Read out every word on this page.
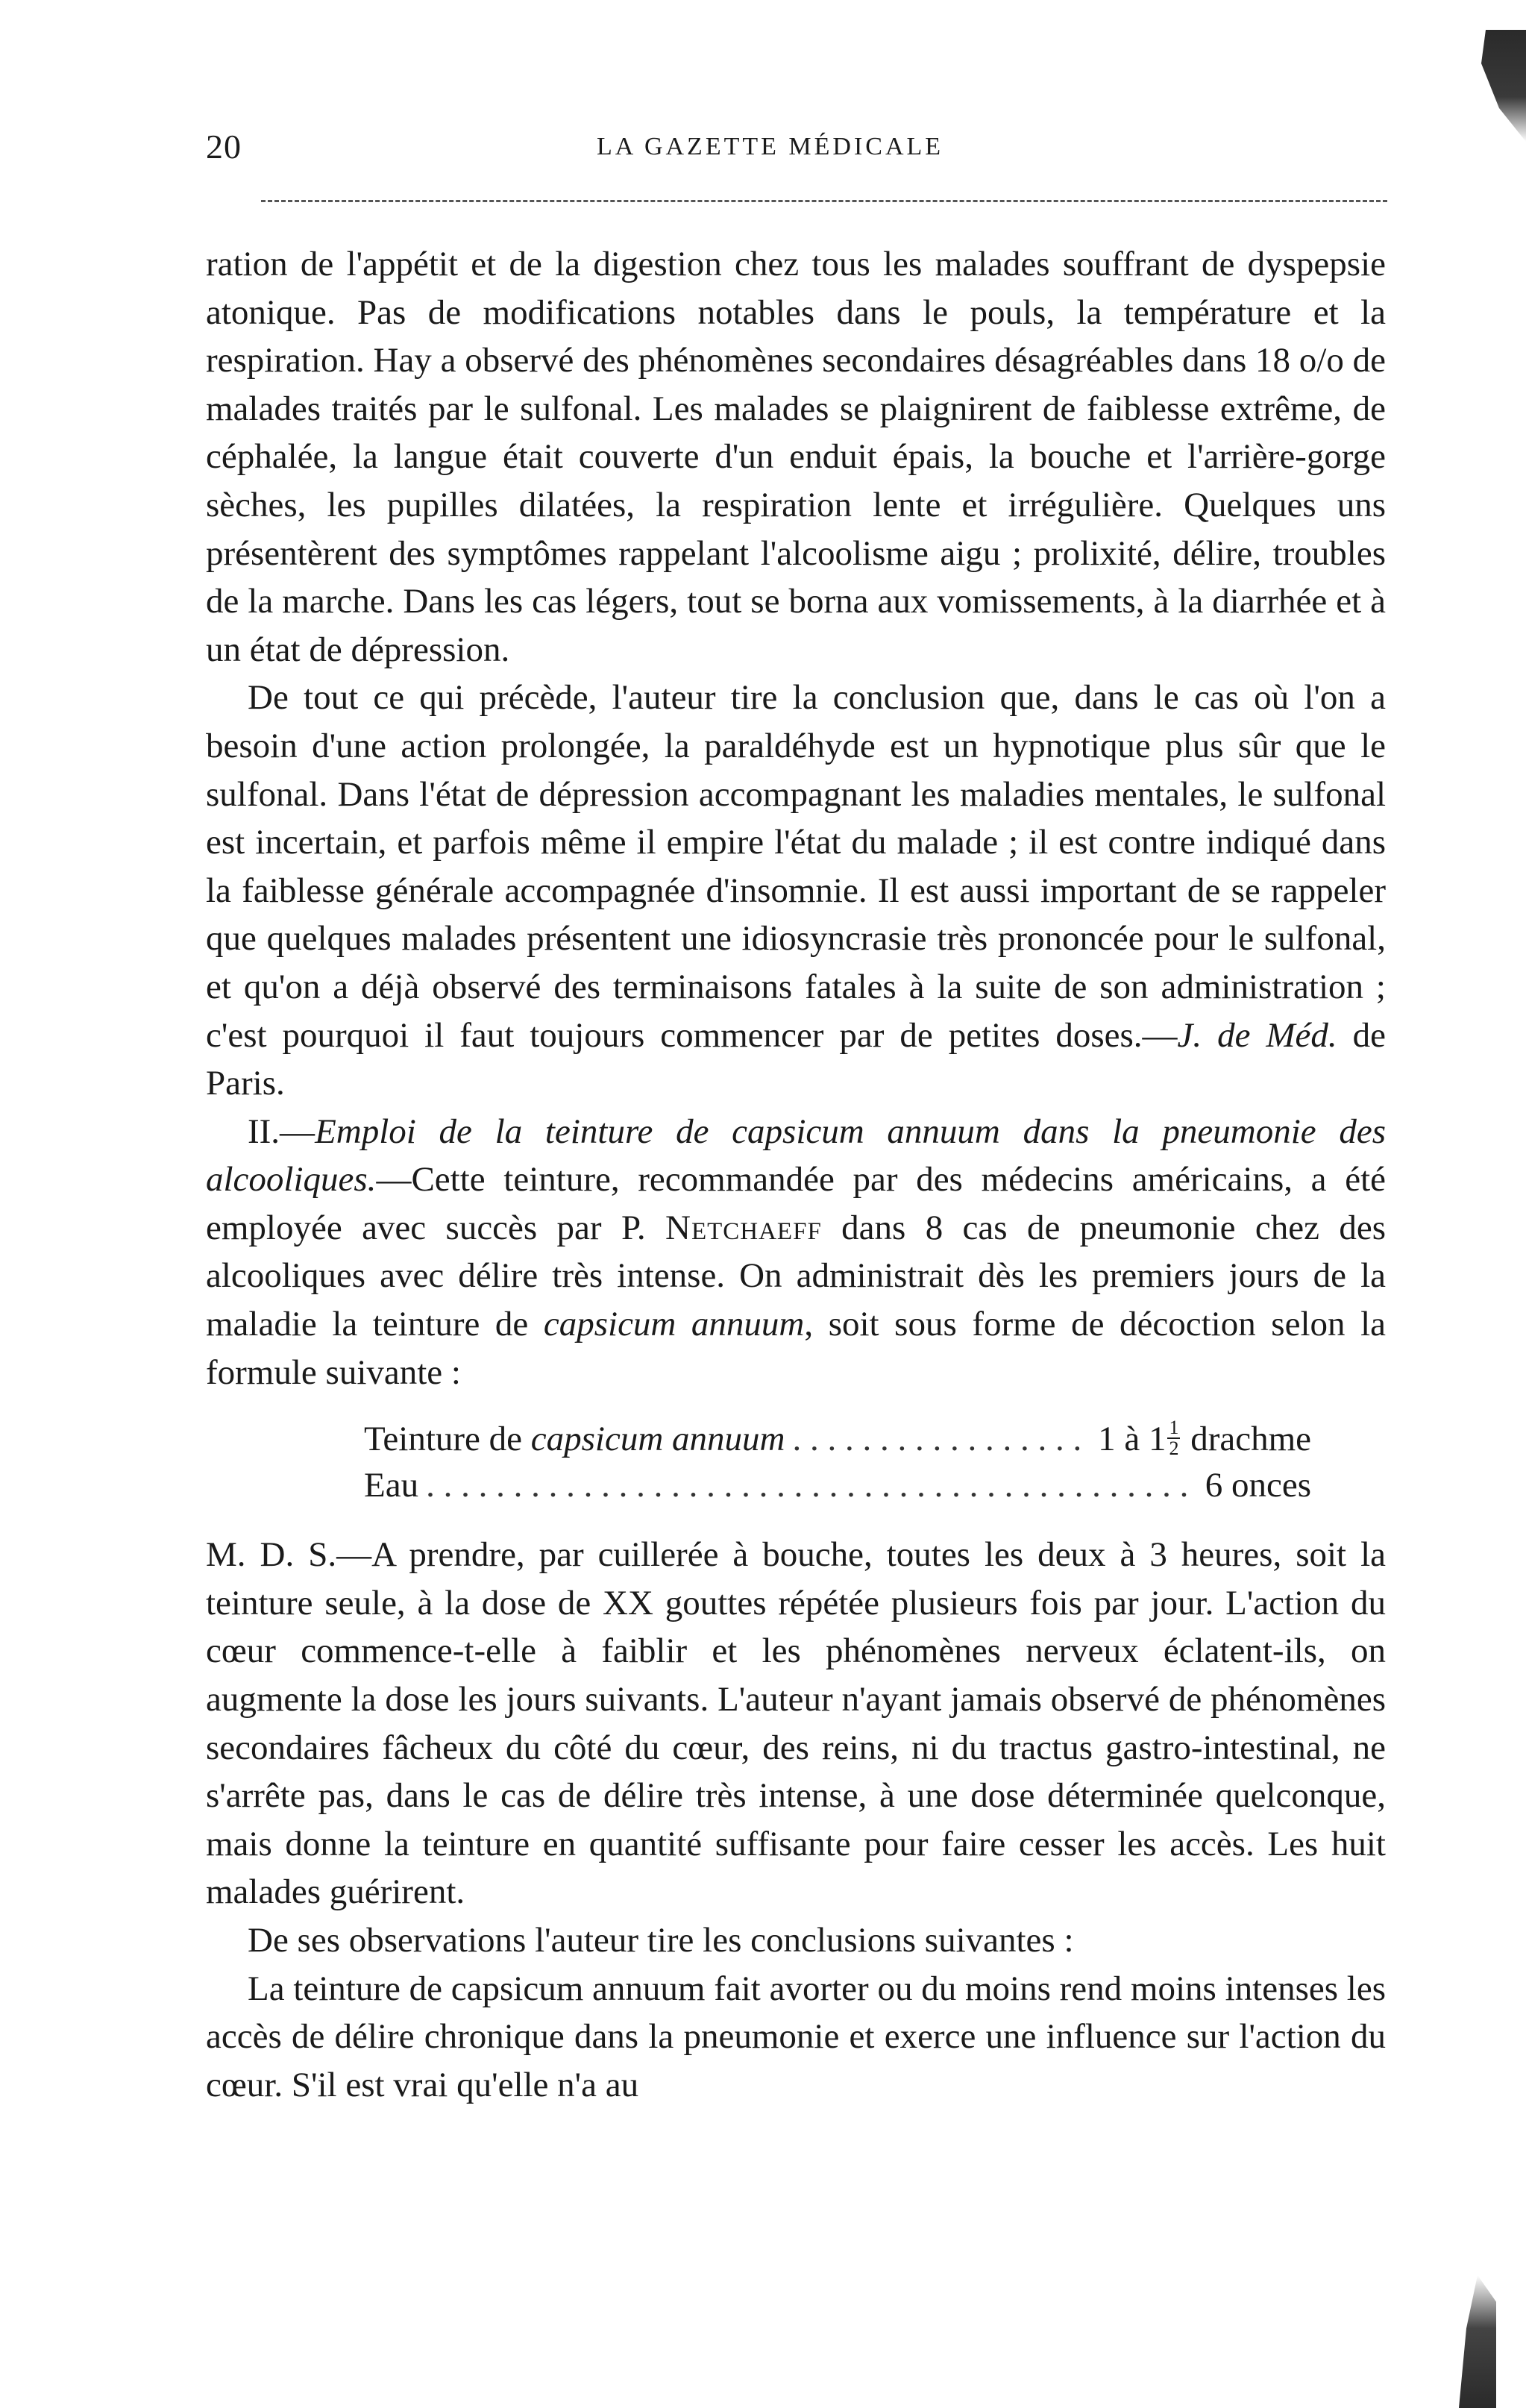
20	LA GAZETTE MÉDICALE

ration de l'appétit et de la digestion chez tous les malades souffrant de dyspepsie atonique. Pas de modifications notables dans le pouls, la température et la respiration. Hay a observé des phénomènes secondaires désagréables dans 18 o/o de malades traités par le sulfonal. Les malades se plaignirent de faiblesse extrême, de céphalée, la langue était couverte d'un enduit épais, la bouche et l'arrière-gorge sèches, les pupilles dilatées, la respiration lente et irrégulière. Quelques uns présentèrent des symptômes rappelant l'alcoolisme aigu ; prolixité, délire, troubles de la marche. Dans les cas légers, tout se borna aux vomissements, à la diarrhée et à un état de dépression.

De tout ce qui précède, l'auteur tire la conclusion que, dans le cas où l'on a besoin d'une action prolongée, la paraldéhyde est un hypnotique plus sûr que le sulfonal. Dans l'état de dépression accompagnant les maladies mentales, le sulfonal est incertain, et parfois même il empire l'état du malade ; il est contre indiqué dans la faiblesse générale accompagnée d'insomnie. Il est aussi important de se rappeler que quelques malades présentent une idiosyncrasie très prononcée pour le sulfonal, et qu'on a déjà observé des terminaisons fatales à la suite de son administration ; c'est pourquoi il faut toujours commencer par de petites doses.—J. de Méd. de Paris.

II.—Emploi de la teinture de capsicum annuum dans la pneumonie des alcooliques.—Cette teinture, recommandée par des médecins américains, a été employée avec succès par P. Netchaeff dans 8 cas de pneumonie chez des alcooliques avec délire très intense. On administrait dès les premiers jours de la maladie la teinture de capsicum annuum, soit sous forme de décoction selon la formule suivante :

Teinture de capsicum annuum . . .	1 à $1 \frac{1}{2}$ drachme
Eau . . .	6 onces

M. D. S.—A prendre, par cuillerée à bouche, toutes les deux à 3 heures, soit la teinture seule, à la dose de XX gouttes répétée plusieurs fois par jour. L'action du cœur commence-t-elle à faiblir et les phénomènes nerveux éclatent-ils, on augmente la dose les jours suivants. L'auteur n'ayant jamais observé de phénomènes secondaires fâcheux du côté du cœur, des reins, ni du tractus gastro-intestinal, ne s'arrête pas, dans le cas de délire très intense, à une dose déterminée quelconque, mais donne la teinture en quantité suffisante pour faire cesser les accès. Les huit malades guérirent.

De ses observations l'auteur tire les conclusions suivantes :

La teinture de capsicum annuum fait avorter ou du moins rend moins intenses les accès de délire chronique dans la pneumonie et exerce une influence sur l'action du cœur. S'il est vrai qu'elle n'a au
